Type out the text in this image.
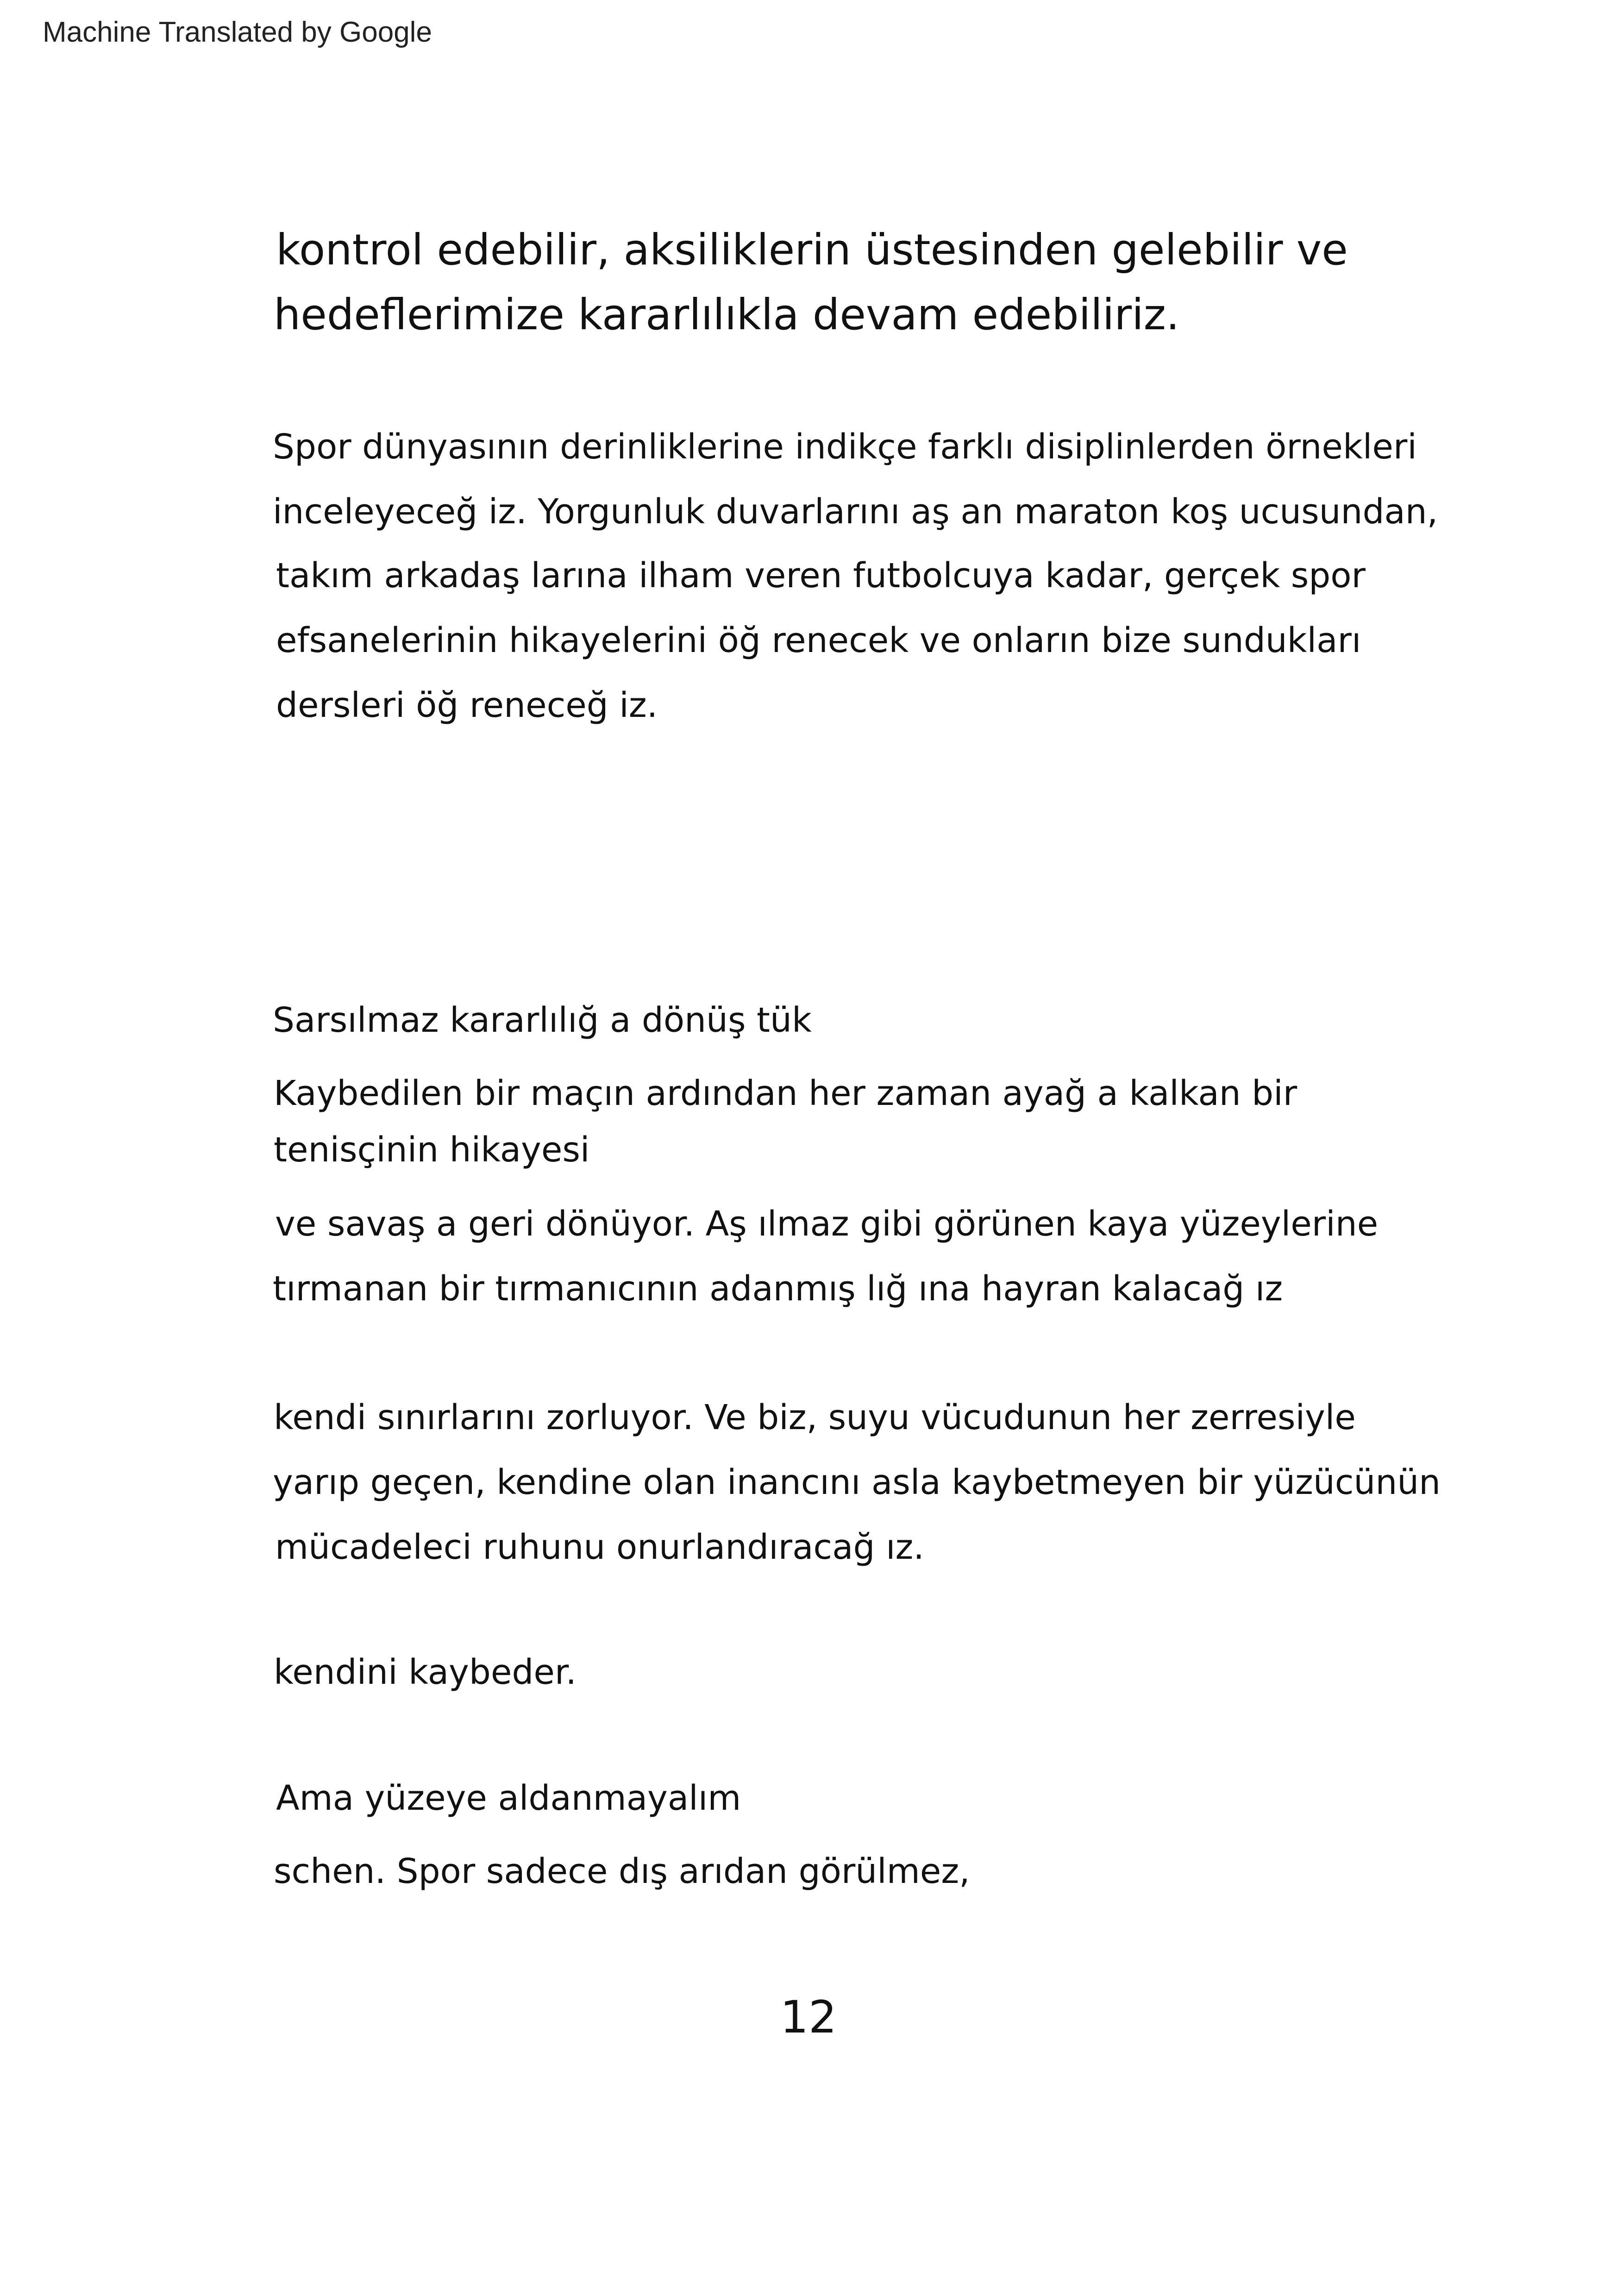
Machine Translated by Google
kontrol edebilir, aksiliklerin üstesinden gelebilir ve
hedeflerimize kararlılıkla devam edebiliriz.
Spor dünyasının derinliklerine indikçe farklı disiplinlerden örnekleri
inceleyeceğ iz. Yorgunluk duvarlarını aş an maraton koş ucusundan,
takım arkadaş larına ilham veren futbolcuya kadar, gerçek spor
efsanelerinin hikayelerini öğ renecek ve onların bize sundukları
dersleri öğ reneceğ iz.
Sarsılmaz kararlılığ a dönüş tük
Kaybedilen bir maçın ardından her zaman ayağ a kalkan bir
tenisçinin hikayesi
ve savaş a geri dönüyor. Aş ılmaz gibi görünen kaya yüzeylerine
tırmanan bir tırmanıcının adanmış lığ ına hayran kalacağ ız
kendi sınırlarını zorluyor. Ve biz, suyu vücudunun her zerresiyle
yarıp geçen, kendine olan inancını asla kaybetmeyen bir yüzücünün
mücadeleci ruhunu onurlandıracağ ız.
kendini kaybeder.
Ama yüzeye aldanmayalım
schen. Spor sadece dış arıdan görülmez,
12
